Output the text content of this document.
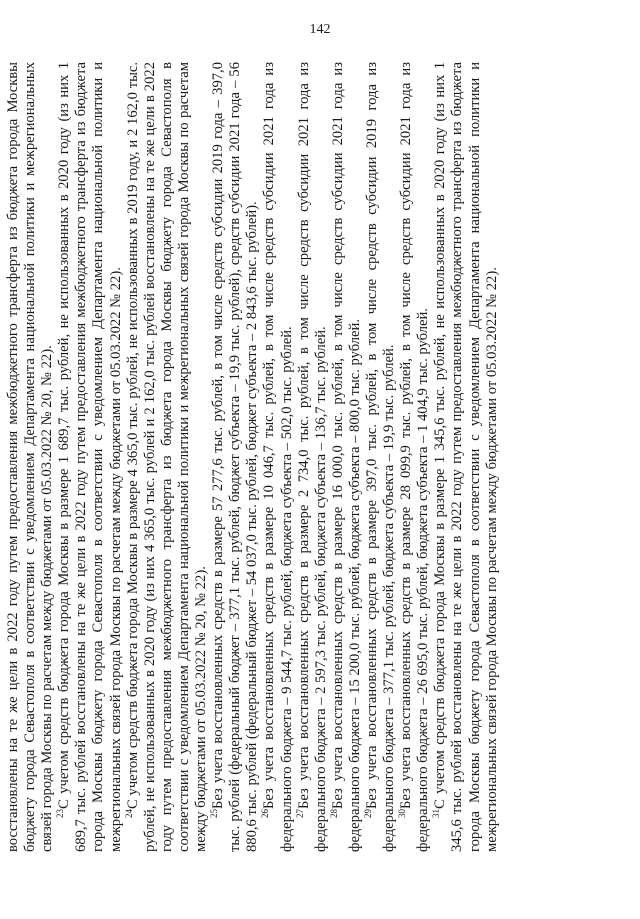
142

восстановлены на те же цели в 2022 году путем предоставления межбюджетного трансферта из бюджета города Москвы бюджету города Севастополя в соответствии с уведомлением Департамента национальной политики и межрегиональных связей города Москвы по расчетам между бюджетами от 05.03.2022 № 20, № 22). $^{23}$С учетом средств бюджета города Москвы в размере 1 689,7 тыс. рублей, не использованных в 2020 году (из них 1 689,7 тыс. рублей восстановлены на те же цели в 2022 году путем предоставления межбюджетного трансферта из бюджета города Москвы бюджету города Севастополя в соответствии с уведомлением Департамента национальной политики и межрегиональных связей города Москвы по расчетам между бюджетами от 05.03.2022 № 22). $^{24}$С учетом средств бюджета города Москвы в размере 4 365,0 тыс. рублей, не использованных в 2019 году, и 2 162,0 тыс. рублей, не использованных в 2020 году (из них 4 365,0 тыс. рублей и 2 162,0 тыс. рублей восстановлены на те же цели в 2022 году путем предоставления межбюджетного трансферта из бюджета города Москвы бюджету города Севастополя в соответствии с уведомлением Департамента национальной политики и межрегиональных связей города Москвы по расчетам между бюджетами от 05.03.2022 № 20, № 22). $^{25}$Без учета восстановленных средств в размере 57 277,6 тыс. рублей, в том числе средств субсидии 2019 года – 397,0 тыс. рублей (федеральный бюджет – 377,1 тыс. рублей, бюджет субъекта – 19,9 тыс. рублей), средств субсидии 2021 года – 56 880,6 тыс. рублей (федеральный бюджет – 54 037,0 тыс. рублей, бюджет субъекта – 2 843,6 тыс. рублей). $^{26}$Без учета восстановленных средств в размере 10 046,7 тыс. рублей, в том числе средств субсидии 2021 года из федерального бюджета – 9 544,7 тыс. рублей, бюджета субъекта – 502,0 тыс. рублей. $^{27}$Без учета восстановленных средств в размере 2 734,0 тыс. рублей, в том числе средств субсидии 2021 года из федерального бюджета – 2 597,3 тыс. рублей, бюджета субъекта – 136,7 тыс. рублей. $^{28}$Без учета восстановленных средств в размере 16 000,0 тыс. рублей, в том числе средств субсидии 2021 года из федерального бюджета – 15 200,0 тыс. рублей, бюджета субъекта – 800,0 тыс. рублей. $^{29}$Без учета восстановленных средств в размере 397,0 тыс. рублей, в том числе средств субсидии 2019 года из федерального бюджета – 377,1 тыс. рублей, бюджета субъекта – 19,9 тыс. рублей. $^{30}$Без учета восстановленных средств в размере 28 099,9 тыс. рублей, в том числе средств субсидии 2021 года из федерального бюджета – 26 695,0 тыс. рублей, бюджета субъекта – 1 404,9 тыс. рублей. $^{31}$С учетом средств бюджета города Москвы в размере 1 345,6 тыс. рублей, не использованных в 2020 году (из них 1 345,6 тыс. рублей восстановлены на те же цели в 2022 году путем предоставления межбюджетного трансферта из бюджета города Москвы бюджету города Севастополя в соответствии с уведомлением Департамента национальной политики и межрегиональных связей города Москвы по расчетам между бюджетами от 05.03.2022 № 22).
